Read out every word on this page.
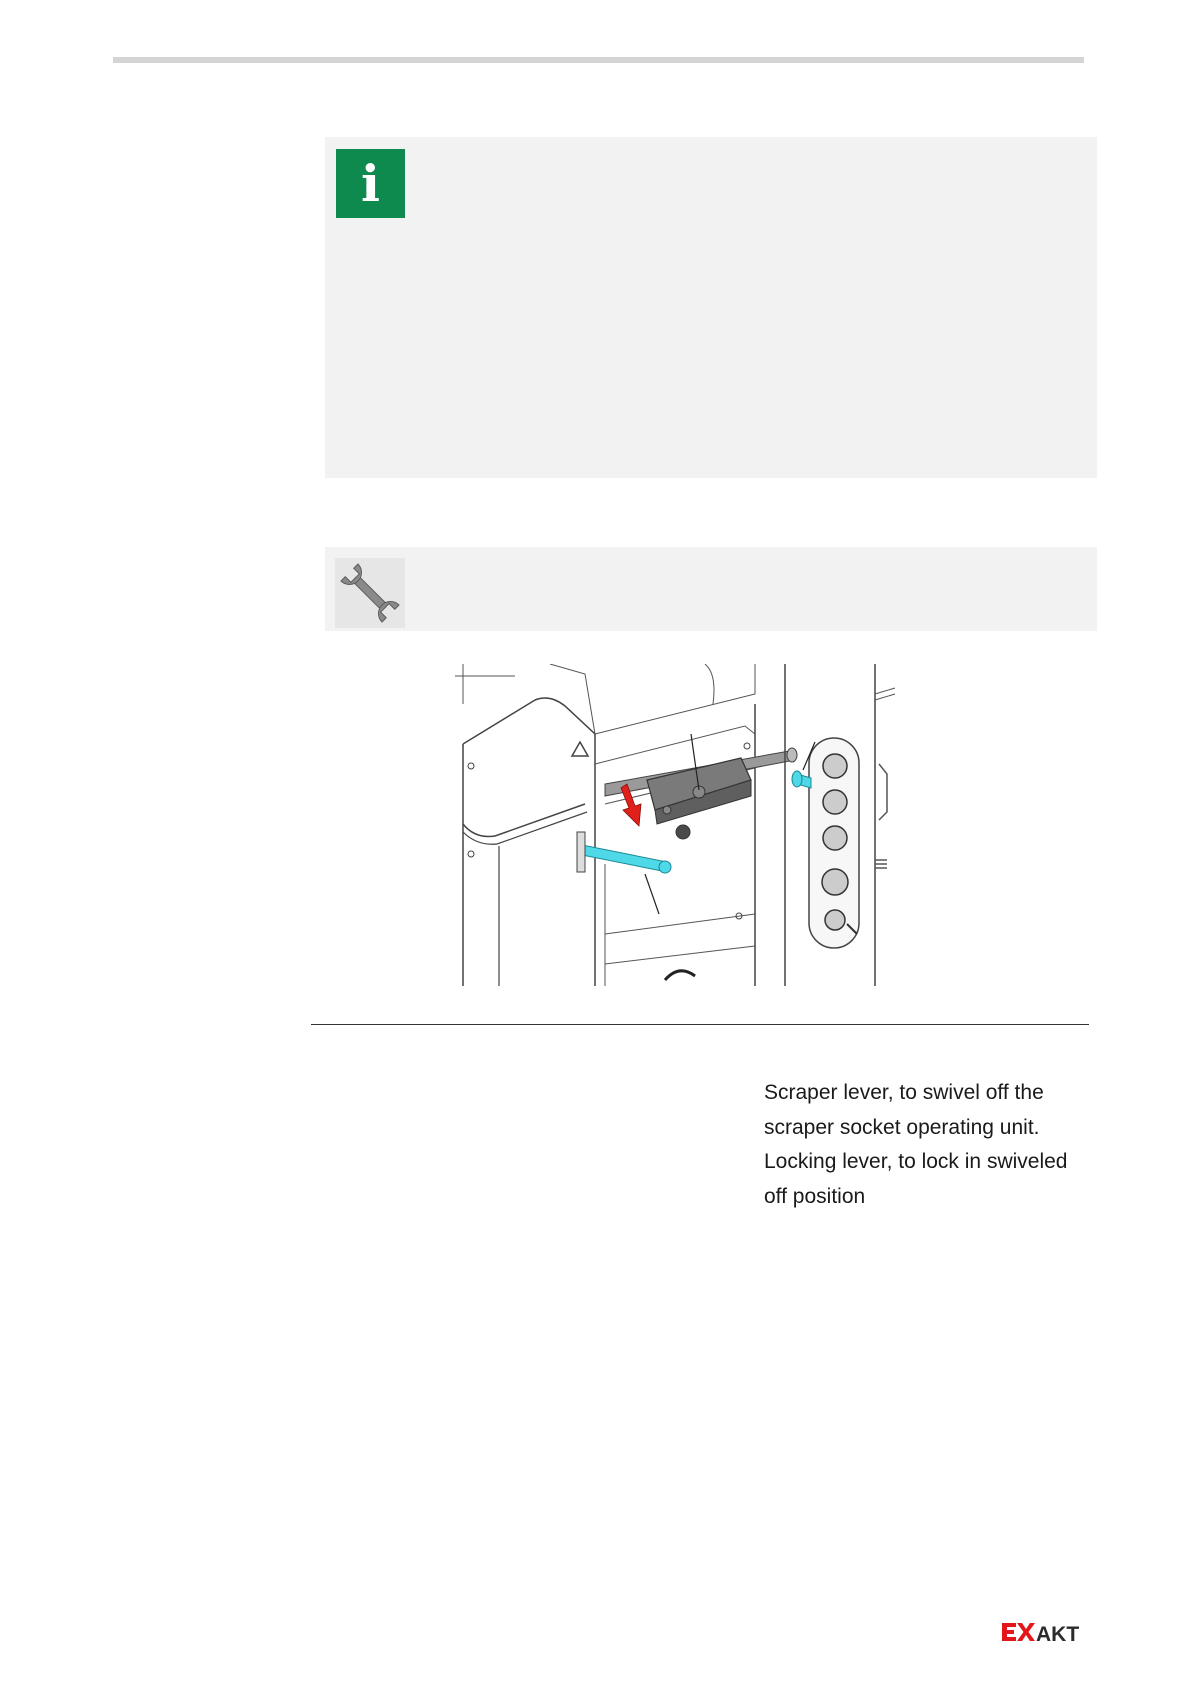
i
Scraper lever, to swivel off the
scraper socket operating unit.
Locking lever, to lock in swiveled
off position
AKT
